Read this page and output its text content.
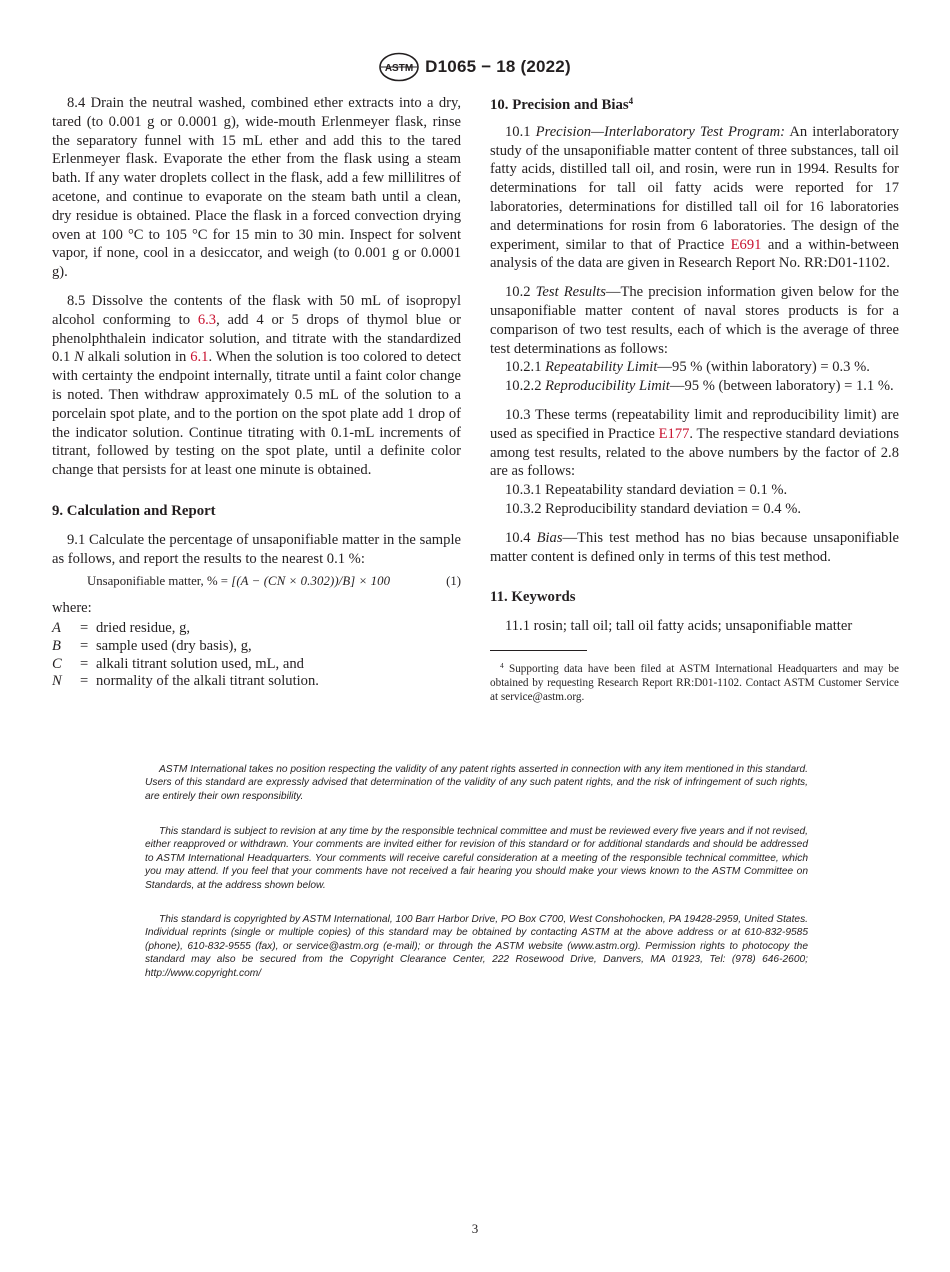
ASTM D1065 − 18 (2022)

8.4 Drain the neutral washed, combined ether extracts into a dry, tared (to 0.001 g or 0.0001 g), wide-mouth Erlenmeyer flask, rinse the separatory funnel with 15 mL ether and add this to the tared Erlenmeyer flask. Evaporate the ether from the flask using a steam bath. If any water droplets collect in the flask, add a few millilitres of acetone, and continue to evaporate on the steam bath until a clean, dry residue is obtained. Place the flask in a forced convection drying oven at 100 °C to 105 °C for 15 min to 30 min. Inspect for solvent vapor, if none, cool in a desiccator, and weigh (to 0.001 g or 0.0001 g).

8.5 Dissolve the contents of the flask with 50 mL of isopropyl alcohol conforming to 6.3, add 4 or 5 drops of thymol blue or phenolphthalein indicator solution, and titrate with the standardized 0.1 N alkali solution in 6.1. When the solution is too colored to detect with certainty the endpoint internally, titrate until a faint color change is noted. Then withdraw approximately 0.5 mL of the solution to a porcelain spot plate, and to the portion on the spot plate add 1 drop of the indicator solution. Continue titrating with 0.1-mL increments of titrant, followed by testing on the spot plate, until a definite color change that persists for at least one minute is obtained.

9. Calculation and Report

9.1 Calculate the percentage of unsaponifiable matter in the sample as follows, and report the results to the nearest 0.1 %:

Unsaponifiable matter, % = [(A − (CN × 0.302))/B] × 100	(1)
where:
A	= dried residue, g,
B	= sample used (dry basis), g,
C	= alkali titrant solution used, mL, and
N	= normality of the alkali titrant solution.
10. Precision and Bias$^4$

10.1 Precision—Interlaboratory Test Program: An interlaboratory study of the unsaponifiable matter content of three substances, tall oil fatty acids, distilled tall oil, and rosin, were run in 1994. Results for determinations for tall oil fatty acids were reported for 17 laboratories, determinations for distilled tall oil for 16 laboratories and determinations for rosin from 6 laboratories. The design of the experiment, similar to that of Practice E691 and a within-between analysis of the data are given in Research Report No. RR:D01-1102.

10.2 Test Results—The precision information given below for the unsaponifiable matter content of naval stores products is for a comparison of two test results, each of which is the average of three test determinations as follows:

10.2.1 Repeatability Limit—95 % (within laboratory) = 0.3 %.

10.2.2 Reproducibility Limit—95 % (between laboratory) = 1.1 %.

10.3 These terms (repeatability limit and reproducibility limit) are used as specified in Practice E177. The respective standard deviations among test results, related to the above numbers by the factor of 2.8 are as follows:

10.3.1 Repeatability standard deviation = 0.1 %.

10.3.2 Reproducibility standard deviation = 0.4 %.

10.4 Bias—This test method has no bias because unsaponifiable matter content is defined only in terms of this test method.

11. Keywords

11.1 rosin; tall oil; tall oil fatty acids; unsaponifiable matter

$^4$ Supporting data have been filed at ASTM International Headquarters and may be obtained by requesting Research Report RR:D01-1102. Contact ASTM Customer Service at service@astm.org.

ASTM International takes no position respecting the validity of any patent rights asserted in connection with any item mentioned in this standard. Users of this standard are expressly advised that determination of the validity of any such patent rights, and the risk of infringement of such rights, are entirely their own responsibility.

This standard is subject to revision at any time by the responsible technical committee and must be reviewed every five years and if not revised, either reapproved or withdrawn. Your comments are invited either for revision of this standard or for additional standards and should be addressed to ASTM International Headquarters. Your comments will receive careful consideration at a meeting of the responsible technical committee, which you may attend. If you feel that your comments have not received a fair hearing you should make your views known to the ASTM Committee on Standards, at the address shown below.

This standard is copyrighted by ASTM International, 100 Barr Harbor Drive, PO Box C700, West Conshohocken, PA 19428-2959, United States. Individual reprints (single or multiple copies) of this standard may be obtained by contacting ASTM at the above address or at 610-832-9585 (phone), 610-832-9555 (fax), or service@astm.org (e-mail); or through the ASTM website (www.astm.org). Permission rights to photocopy the standard may also be secured from the Copyright Clearance Center, 222 Rosewood Drive, Danvers, MA 01923, Tel: (978) 646-2600; http://www.copyright.com/

3
